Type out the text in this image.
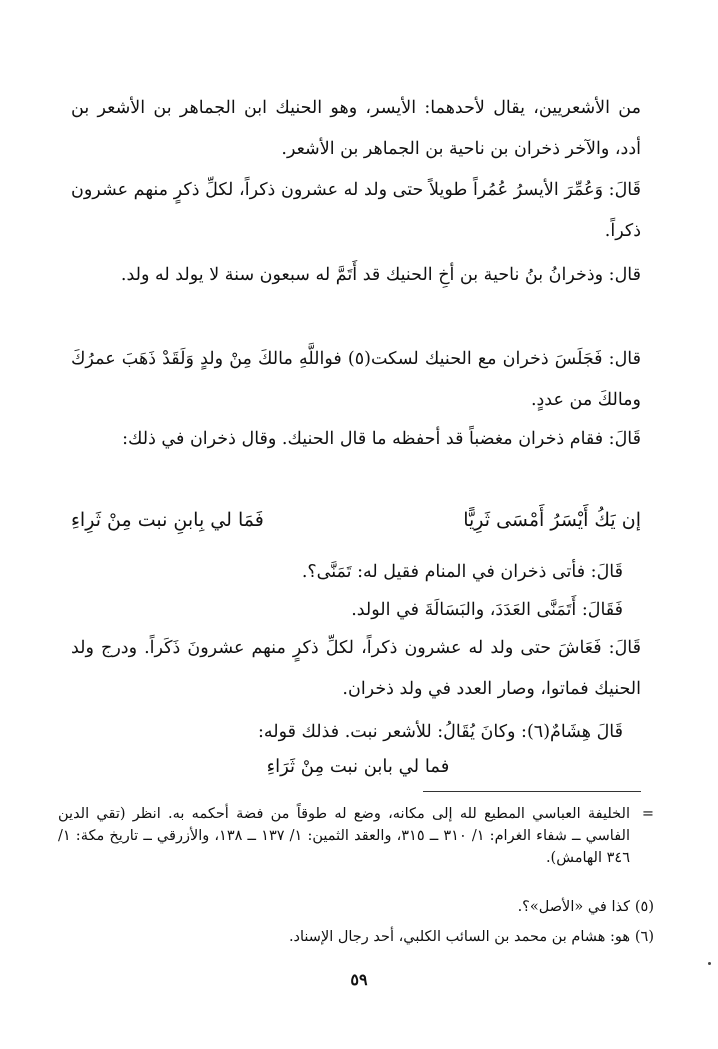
من الأشعريين، يقال لأحدهما: الأيسر، وهو الحنيك ابن الجماهر بن الأشعر بن أدد، والآخر ذخران بن ناحية بن الجماهر بن الأشعر.

قَالَ: وَعُمِّرَ الأيسرُ عُمُراً طويلاً حتى ولد له عشرون ذكراً، لكلِّ ذكرٍ منهم عشرون ذكراً.

قال: وذخرانُ بنُ ناحية بن أخِ الحنيك قد أَتَمَّ له سبعون سنة لا يولد له ولد.

قال: فَجَلَسَ ذخران مع الحنيك لسكت(٥) فواللَّهِ مالكَ مِنْ ولدٍ وَلَقَدْ ذَهَبَ عمرُكَ ومالكَ من عددٍ.

قَالَ: فقام ذخران مغضباً قد أحفظه ما قال الحنيك. وقال ذخران في ذلك:

إن يَكُ أَيْسَرُ أَمْسَى ثَرِيًّا
فَمَا لي بِابنِ نبت مِنْ ثَرِاءِ

قَالَ: فأتى ذخران في المنام فقيل له: تَمَنَّى؟.

فَقَالَ: أَتَمَنَّى العَدَدَ، والبَسَالَةَ في الولد.

قَالَ: فَعَاشَ حتى ولد له عشرون ذكراً، لكلِّ ذكرٍ منهم عشرونَ ذَكَراً. ودرج ولد الحنيك فماتوا، وصار العدد في ولد ذخران.

قَالَ هِشَامٌ(٦): وكانَ يُقَالُ: للأشعر نبت. فذلك قوله:

فما لي بابن نبت مِنْ ثَرَاءِ
=الخليفة العباسي المطيع لله إلى مكانه، وضع له طوقاً من فضة أحكمه به. انظر (تقي الدين الفاسي ــ شفاء الغرام: ١/ ٣١٠ ــ ٣١٥، والعقد الثمين: ١/ ١٣٧ ــ ١٣٨، والأزرقي ــ تاريخ مكة: ١/ ٣٤٦ الهامش).
(٥)كذا في «الأصل»؟.
(٦)هو: هشام بن محمد بن السائب الكلبي، أحد رجال الإسناد.
٥٩
